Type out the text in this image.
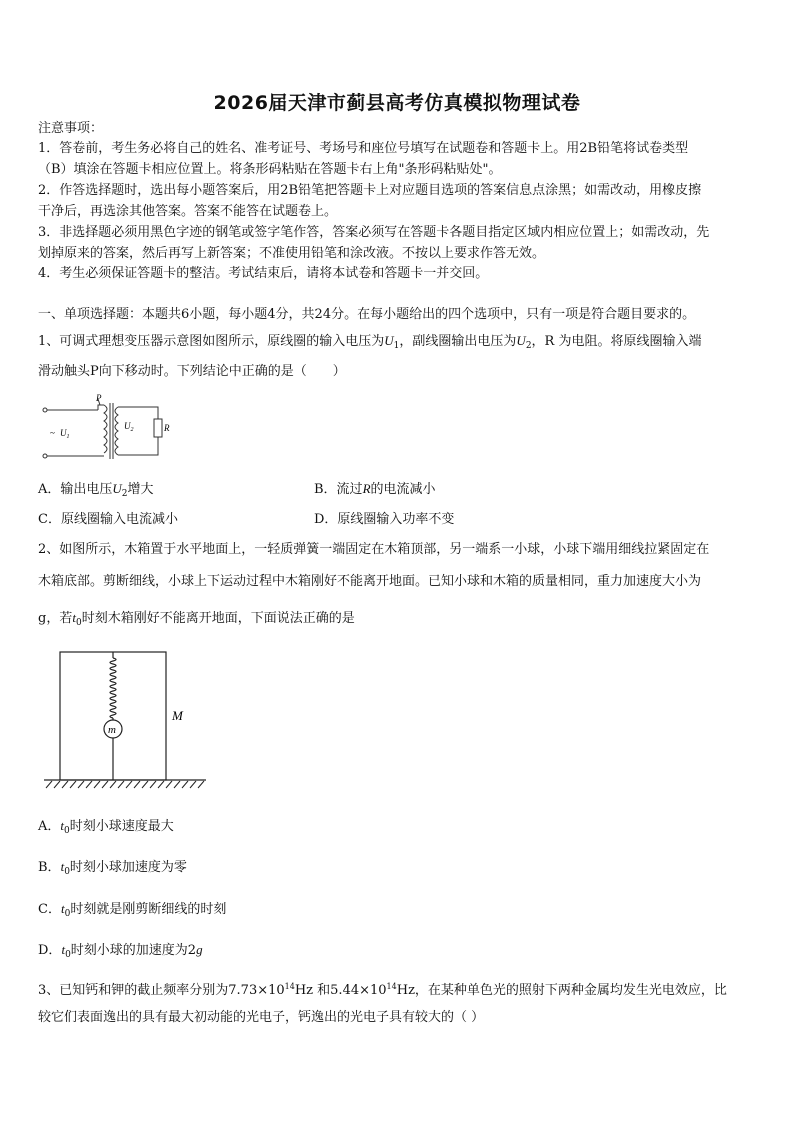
2026届天津市蓟县高考仿真模拟物理试卷
注意事项：
1．答卷前，考生务必将自己的姓名、准考证号、考场号和座位号填写在试题卷和答题卡上。用2B铅笔将试卷类型
（B）填涂在答题卡相应位置上。将条形码粘贴在答题卡右上角"条形码粘贴处"。
2．作答选择题时，选出每小题答案后，用2B铅笔把答题卡上对应题目选项的答案信息点涂黑；如需改动，用橡皮擦
干净后，再选涂其他答案。答案不能答在试题卷上。
3．非选择题必须用黑色字迹的钢笔或签字笔作答，答案必须写在答题卡各题目指定区域内相应位置上；如需改动，先
划掉原来的答案，然后再写上新答案；不准使用铅笔和涂改液。不按以上要求作答无效。
4．考生必须保证答题卡的整洁。考试结束后，请将本试卷和答题卡一并交回。
一、单项选择题：本题共6小题，每小题4分，共24分。在每小题给出的四个选项中，只有一项是符合题目要求的。
1、可调式理想变压器示意图如图所示，原线圈的输入电压为$U_1$，副线圈输出电压为$U_2$，R 为电阻。将原线圈输入端
滑动触头P向下移动时。下列结论中正确的是（　　）
P
~ $U_1$
$U_2$	R
A．输出电压$U_2$增大	B．流过R的电流减小
C．原线圈输入电流减小	D．原线圈输入功率不变
2、如图所示，木箱置于水平地面上，一轻质弹簧一端固定在木箱顶部，另一端系一小球，小球下端用细线拉紧固定在
木箱底部。剪断细线，小球上下运动过程中木箱刚好不能离开地面。已知小球和木箱的质量相同，重力加速度大小为
g，若$t_0$时刻木箱刚好不能离开地面，下面说法正确的是
m
M
A．$t_0$时刻小球速度最大
B．$t_0$时刻小球加速度为零
C．$t_0$时刻就是刚剪断细线的时刻
D．$t_0$时刻小球的加速度为2g
3、已知钙和钾的截止频率分别为$7.73\times 10^{14}Hz$ 和$5.44\times 10^{14}Hz$，在某种单色光的照射下两种金属均发生光电效应，比
较它们表面逸出的具有最大初动能的光电子，钙逸出的光电子具有较大的（ ）
